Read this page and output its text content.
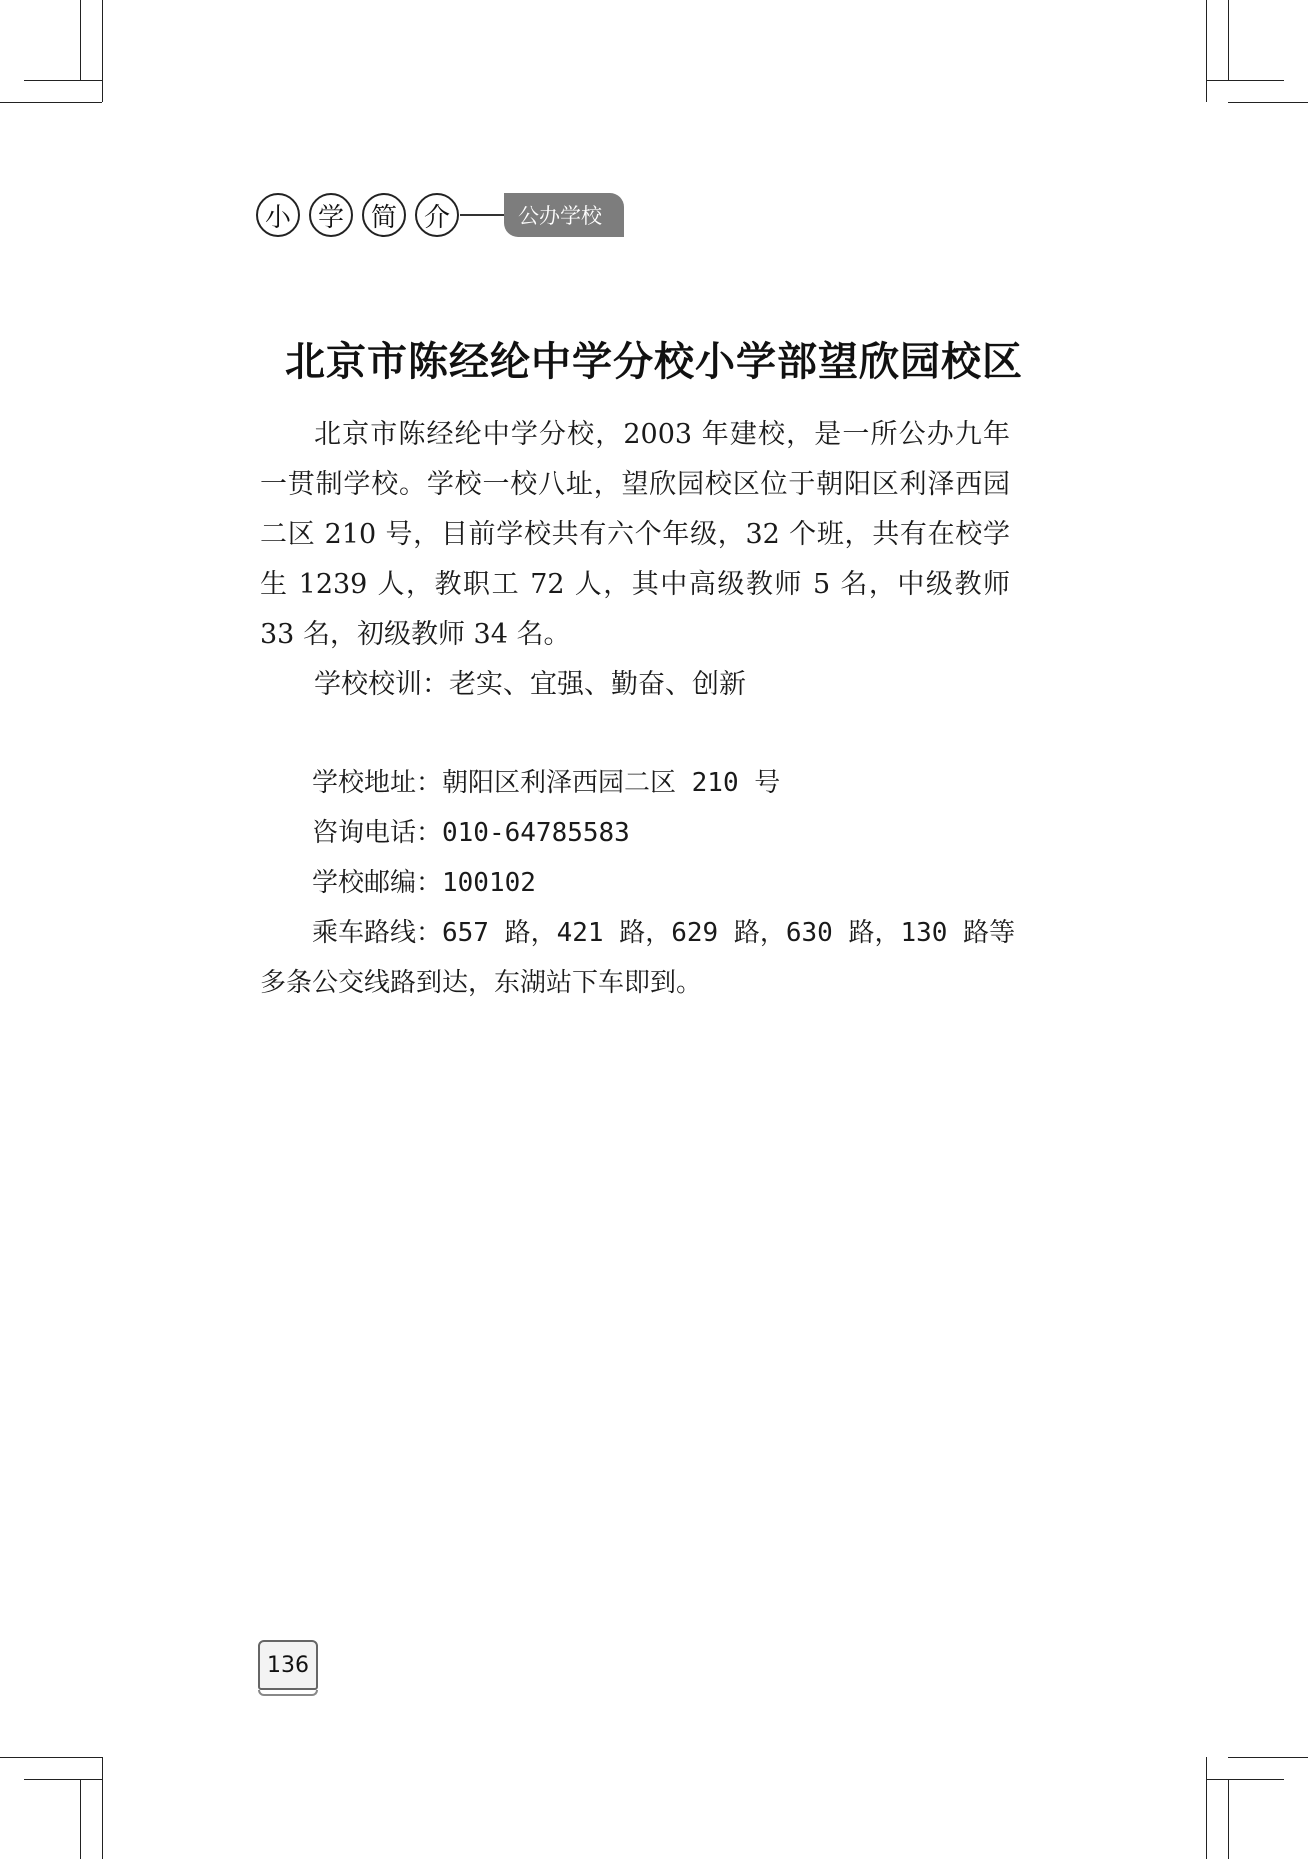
小	学	简	介	公办学校
北京市陈经纶中学分校小学部望欣园校区

北京市陈经纶中学分校，2003 年建校，是一所公办九年一贯制学校。学校一校八址，望欣园校区位于朝阳区利泽西园二区 210 号，目前学校共有六个年级，32 个班，共有在校学生 1239 人，教职工 72 人，其中高级教师 5 名，中级教师 33 名，初级教师 34 名。

学校校训：老实、宜强、勤奋、创新

学校地址：朝阳区利泽西园二区 210 号

咨询电话：010-64785583

学校邮编：100102

乘车路线：657 路，421 路，629 路，630 路，130 路等多条公交线路到达，东湖站下车即到。

136
